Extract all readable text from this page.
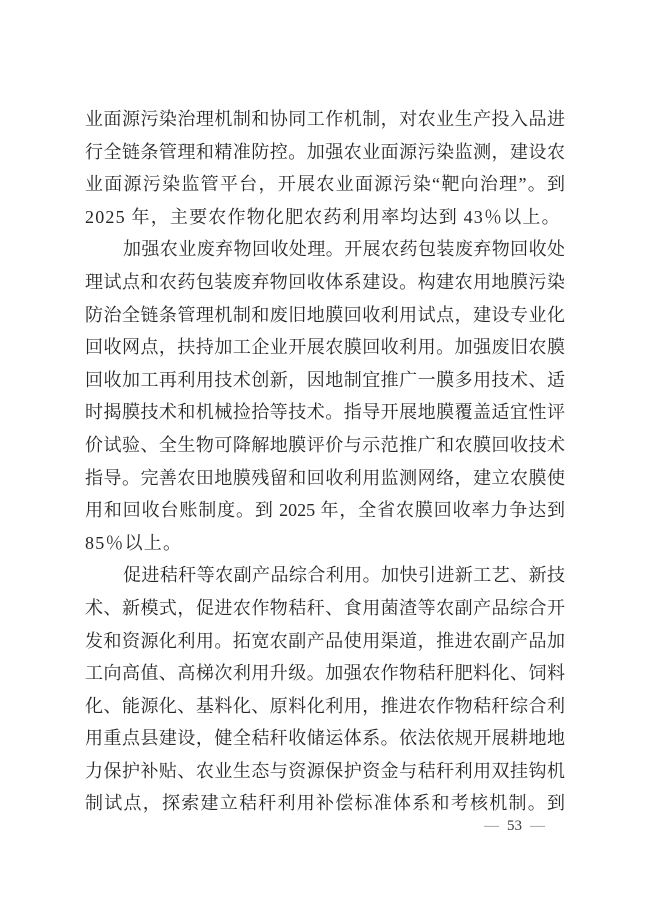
业面源污染治理机制和协同工作机制，对农业生产投入品进
行全链条管理和精准防控。加强农业面源污染监测，建设农
业面源污染监管平台，开展农业面源污染“靶向治理”。到
2025 年，主要农作物化肥农药利用率均达到 43％以上。

加强农业废弃物回收处理。开展农药包装废弃物回收处
理试点和农药包装废弃物回收体系建设。构建农用地膜污染
防治全链条管理机制和废旧地膜回收利用试点，建设专业化
回收网点，扶持加工企业开展农膜回收利用。加强废旧农膜
回收加工再利用技术创新，因地制宜推广一膜多用技术、适
时揭膜技术和机械捡拾等技术。指导开展地膜覆盖适宜性评
价试验、全生物可降解地膜评价与示范推广和农膜回收技术
指导。完善农田地膜残留和回收利用监测网络，建立农膜使
用和回收台账制度。到 2025 年，全省农膜回收率力争达到
85％以上。

促进秸秆等农副产品综合利用。加快引进新工艺、新技
术、新模式，促进农作物秸秆、食用菌渣等农副产品综合开
发和资源化利用。拓宽农副产品使用渠道，推进农副产品加
工向高值、高梯次利用升级。加强农作物秸秆肥料化、饲料
化、能源化、基料化、原料化利用，推进农作物秸秆综合利
用重点县建设，健全秸秆收储运体系。依法依规开展耕地地
力保护补贴、农业生态与资源保护资金与秸秆利用双挂钩机
制试点，探索建立秸秆利用补偿标准体系和考核机制。到

— 53 —
